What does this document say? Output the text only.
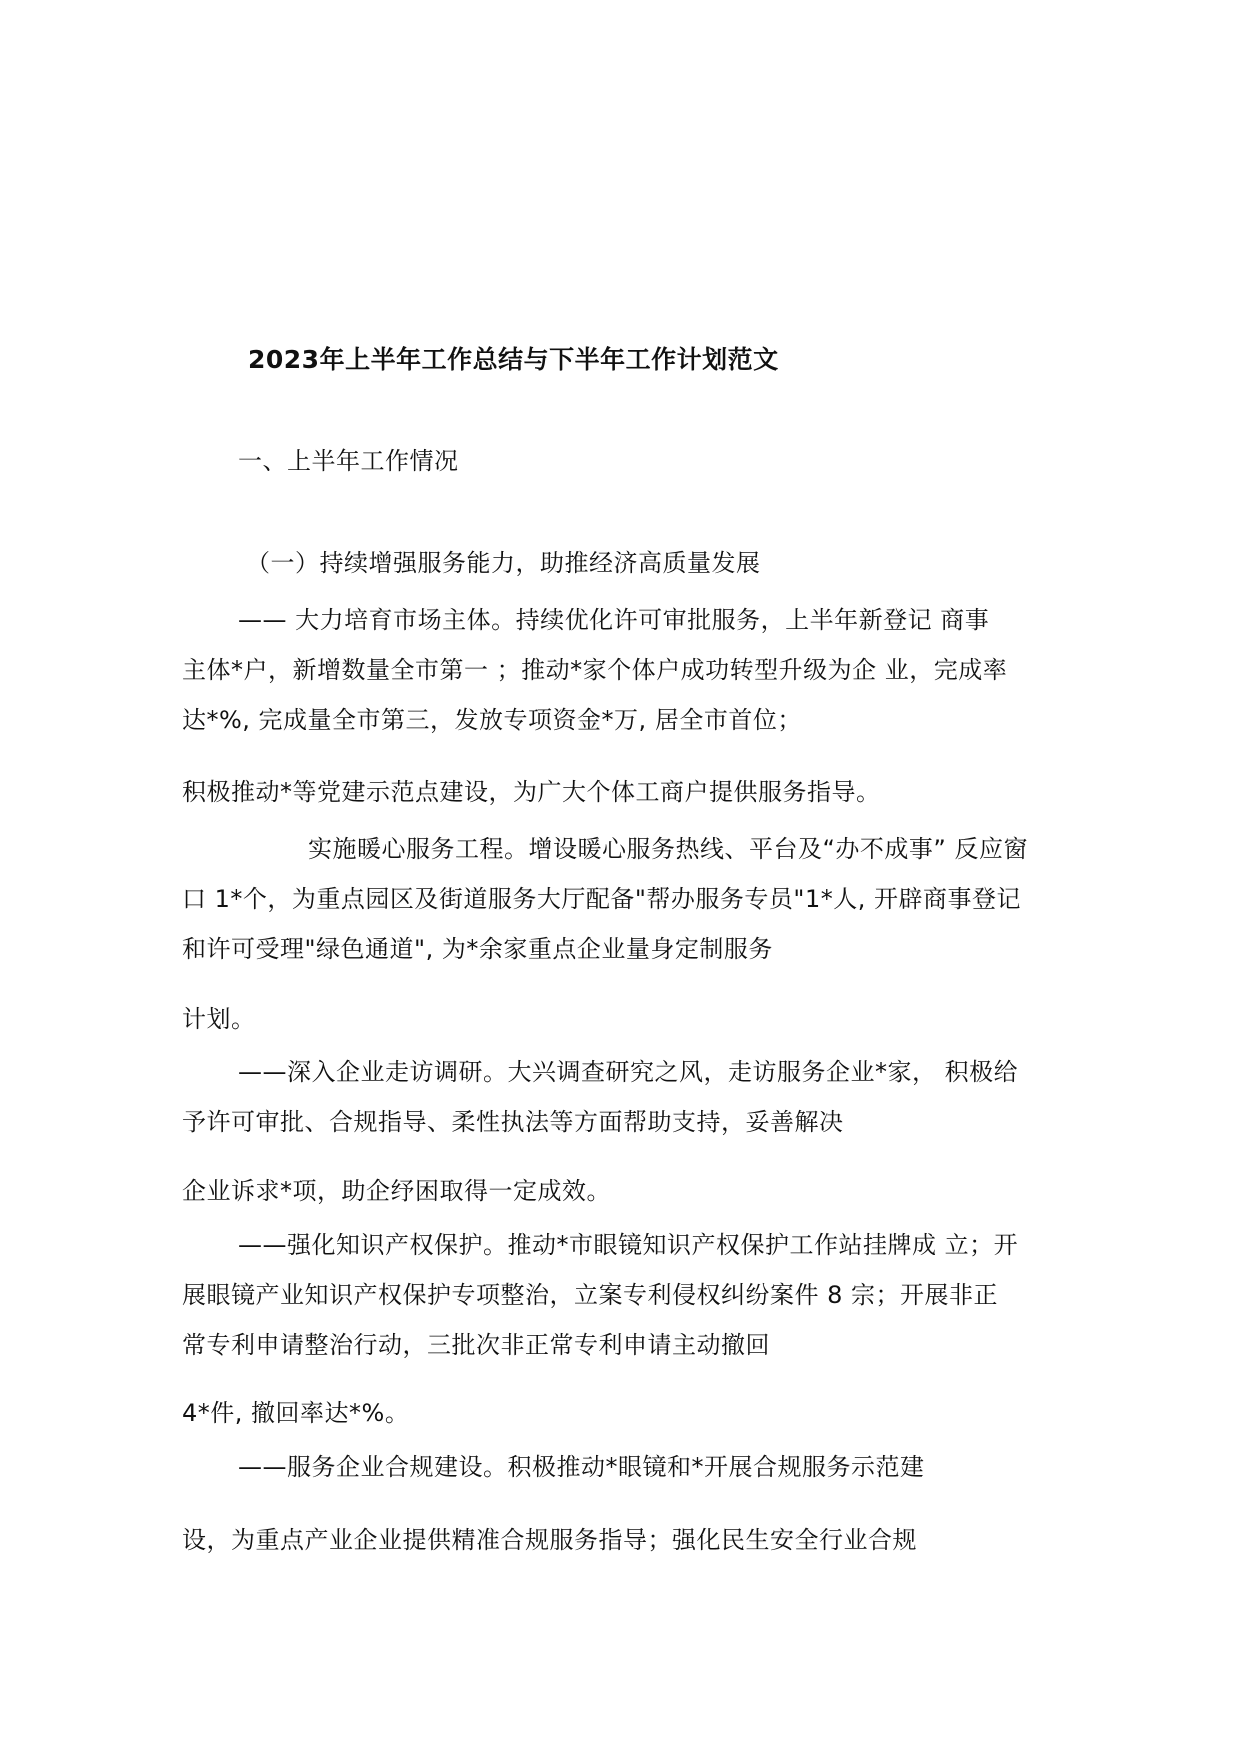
2023年上半年工作总结与下半年工作计划范文
一、上半年工作情况
（一）持续增强服务能力，助推经济高质量发展
—— 大力培育市场主体。持续优化许可审批服务，上半年新登记 商事
主体*户，新增数量全市第一 ；推动*家个体户成功转型升级为企 业，完成率
达*%, 完成量全市第三，发放专项资金*万, 居全市首位；
积极推动*等党建示范点建设，为广大个体工商户提供服务指导。
实施暖心服务工程。增设暖心服务热线、平台及“办不成事” 反应窗
口 1*个，为重点园区及街道服务大厅配备"帮办服务专员"1*人, 开辟商事登记
和许可受理"绿色通道", 为*余家重点企业量身定制服务
计划。
——深入企业走访调研。大兴调查研究之风，走访服务企业*家， 积极给
予许可审批、合规指导、柔性执法等方面帮助支持，妥善解决
企业诉求*项，助企纾困取得一定成效。
——强化知识产权保护。推动*市眼镜知识产权保护工作站挂牌成 立；开
展眼镜产业知识产权保护专项整治，立案专利侵权纠纷案件 8 宗；开展非正
常专利申请整治行动，三批次非正常专利申请主动撤回
4*件, 撤回率达*%。
——服务企业合规建设。积极推动*眼镜和*开展合规服务示范建
设，为重点产业企业提供精准合规服务指导；强化民生安全行业合规
